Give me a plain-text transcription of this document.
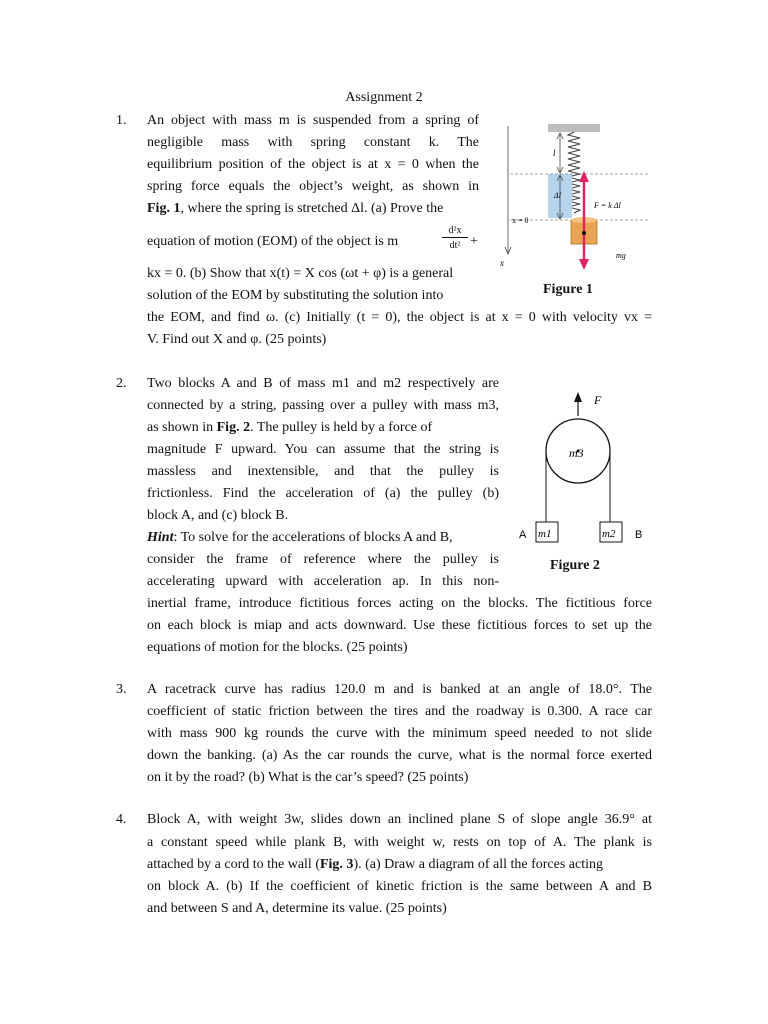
Assignment 2
1. An object with mass m is suspended from a spring of
negligible mass with spring constant k. The
equilibrium position of the object is at x = 0 when the
spring force equals the object’s weight, as shown in
Fig. 1, where the spring is stretched Δl. (a) Prove the
equation of motion (EOM) of the object is m
d²x
dt² +
kx = 0. (b) Show that x(t) = X cos (ωt + φ) is a general
solution of the EOM by substituting the solution into
the EOM, and find ω. (c) Initially (t = 0), the object is at x = 0 with velocity vx =
V. Find out X and φ. (25 points)
l
Δl
x = 0
x
F = k Δl
mg
Figure 1
2. Two blocks A and B of mass m1 and m2 respectively are
connected by a string, passing over a pulley with mass m3,
as shown in Fig. 2. The pulley is held by a force of
magnitude F upward. You can assume that the string is
massless and inextensible, and that the pulley is
frictionless. Find the acceleration of (a) the pulley (b)
block A, and (c) block B.
Hint: To solve for the accelerations of blocks A and B,
consider the frame of reference where the pulley is
accelerating upward with acceleration ap. In this non-
inertial frame, introduce fictitious forces acting on the blocks. The fictitious force
on each block is miap and acts downward. Use these fictitious forces to set up the
equations of motion for the blocks. (25 points)
F
m3
m1	m2
A	B
Figure 2
3. A racetrack curve has radius 120.0 m and is banked at an angle of 18.0°. The
coefficient of static friction between the tires and the roadway is 0.300. A race car
with mass 900 kg rounds the curve with the minimum speed needed to not slide
down the banking. (a) As the car rounds the curve, what is the normal force exerted
on it by the road? (b) What is the car’s speed? (25 points)
4. Block A, with weight 3w, slides down an inclined plane S of slope angle 36.9° at
a constant speed while plank B, with weight w, rests on top of A. The plank is
attached by a cord to the wall (Fig. 3). (a) Draw a diagram of all the forces acting
on block A. (b) If the coefficient of kinetic friction is the same between A and B
and between S and A, determine its value. (25 points)
